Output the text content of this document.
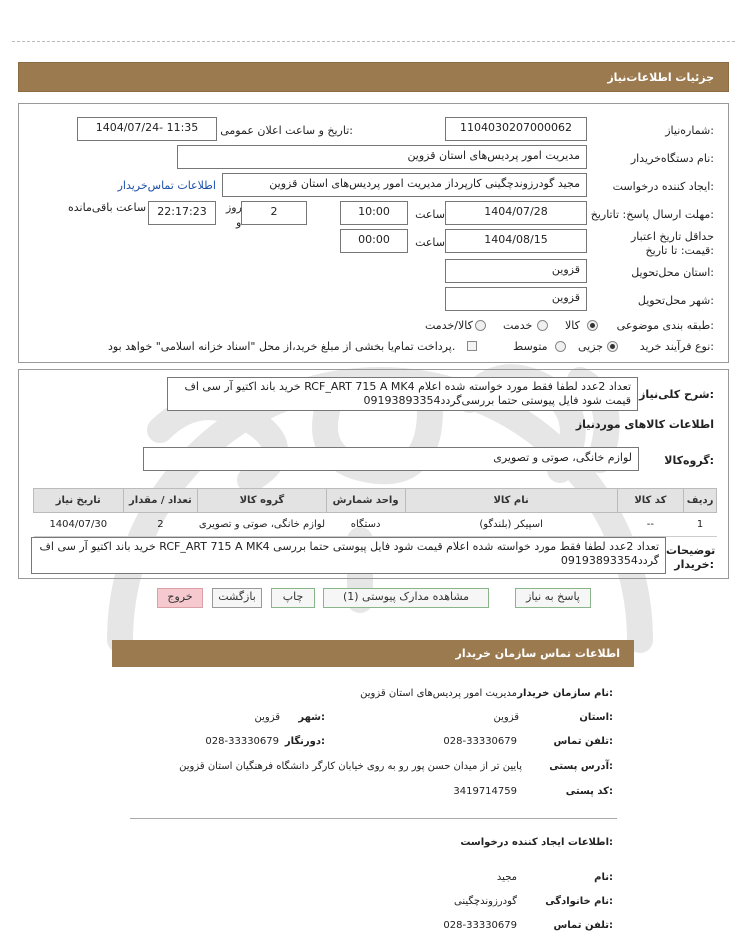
جزئیات اطلاعات‌نیاز
شماره‌نیاز:
1104030207000062
تاریخ و ساعت اعلان عمومی:
1404/07/24- 11:35
نام دستگاه‌خریدار:
مدیریت امور پردیس‌های استان قزوین
ایجاد کننده درخواست:
مجید گودرزوندچگینی کارپرداز مدیریت امور پردیس‌های استان قزوین
اطلاعات تماس‌خریدار
مهلت ارسال پاسخ: تاتاریخ:
1404/07/28
ساعت
10:00
2
روز
و
22:17:23
ساعت باقی‌مانده
حداقل تاریخ اعتبار قیمت: تا تاریخ:
1404/08/15
ساعت
00:00
استان محل‌تحویل:
قزوین
شهر محل‌تحویل:
قزوین
طبقه بندی موضوعی:
کالا
خدمت
کالا/خدمت
نوع فرآیند خرید:
جزیی
متوسط
پرداخت تمام‌یا بخشی از مبلغ خرید،از محل "اسناد خزانه اسلامی" خواهد بود.
شرح کلی‌نیاز:
خرید باند اکتیو آر سی اف RCF_ART 715 A MK4 تعداد 2عدد لطفا فقط مورد خواسته شده اعلام قیمت شود فایل پیوستی حتما بررسی‌گردد09193893354
اطلاعات کالاهای موردنیاز
گروه‌کالا:
لوازم خانگی، صوتی و تصویری
ردیف	کد کالا	نام کالا	واحد شمارش	گروه کالا	تعداد / مقدار	تاریخ نیاز
1	--	اسپیکر (بلندگو)	دستگاه	لوازم خانگی، صوتی و تصویری	2	1404/07/30
توضیحات خریدار:
خرید باند اکتیو آر سی اف RCF_ART 715 A MK4 تعداد 2عدد لطفا فقط مورد خواسته شده اعلام قیمت شود فایل پیوستی حتما بررسی گردد09193893354
پاسخ به نیاز
مشاهده مدارک پیوستی (1)
چاپ
بازگشت
خروج
اطلاعات تماس سازمان خریدار
نام سازمان خریدار:
مدیریت امور پردیس‌های استان قزوین
استان:
قزوین
شهر:
قزوین
تلفن تماس:
028-33330679
دورنگار:
028-33330679
آدرس پستی:
پایین تر از میدان حسن پور رو به روی خیابان کارگر دانشگاه فرهنگیان استان قزوین
کد پستی:
3419714759
اطلاعات ایجاد کننده درخواست:
نام:
مجید
نام خانوادگی:
گودرزوندچگینی
تلفن تماس:
028-33330679
